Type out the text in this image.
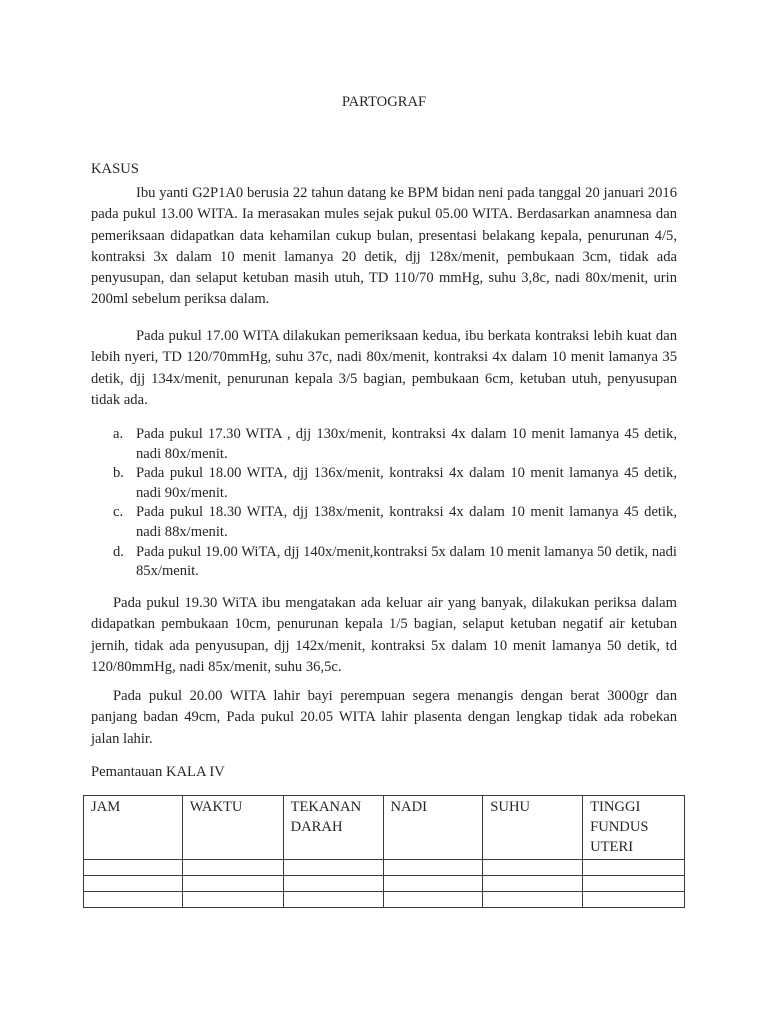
PARTOGRAF
KASUS

Ibu yanti G2P1A0 berusia 22 tahun datang ke BPM bidan neni pada tanggal 20 januari 2016 pada pukul 13.00 WITA. Ia merasakan mules sejak pukul 05.00 WITA. Berdasarkan anamnesa dan pemeriksaan didapatkan data kehamilan cukup bulan, presentasi belakang kepala, penurunan 4/5, kontraksi 3x dalam 10 menit lamanya 20 detik, djj 128x/menit, pembukaan 3cm, tidak ada penyusupan, dan selaput ketuban masih utuh, TD 110/70 mmHg, suhu 3,8c, nadi 80x/menit, urin 200ml sebelum periksa dalam.

Pada pukul 17.00 WITA dilakukan pemeriksaan kedua, ibu berkata kontraksi lebih kuat dan lebih nyeri, TD 120/70mmHg, suhu 37c, nadi 80x/menit, kontraksi 4x dalam 10 menit lamanya 35 detik, djj 134x/menit, penurunan kepala 3/5 bagian, pembukaan 6cm, ketuban utuh, penyusupan tidak ada.

a. Pada pukul 17.30 WITA , djj 130x/menit, kontraksi 4x dalam 10 menit lamanya 45 detik, nadi 80x/menit.
b. Pada pukul 18.00 WITA, djj 136x/menit, kontraksi 4x dalam 10 menit lamanya 45 detik, nadi 90x/menit.
c. Pada pukul 18.30 WITA, djj 138x/menit, kontraksi 4x dalam 10 menit lamanya 45 detik, nadi 88x/menit.
d. Pada pukul 19.00 WiTA, djj 140x/menit,kontraksi 5x dalam 10 menit lamanya 50 detik, nadi 85x/menit.

Pada pukul 19.30 WiTA ibu mengatakan ada keluar air yang banyak, dilakukan periksa dalam didapatkan pembukaan 10cm, penurunan kepala 1/5 bagian, selaput ketuban negatif air ketuban jernih, tidak ada penyusupan, djj 142x/menit, kontraksi 5x dalam 10 menit lamanya 50 detik, td 120/80mmHg, nadi 85x/menit, suhu 36,5c.

Pada pukul 20.00 WITA lahir bayi perempuan segera menangis dengan berat 3000gr dan panjang badan 49cm, Pada pukul 20.05 WITA lahir plasenta dengan lengkap tidak ada robekan jalan lahir.

Pemantauan KALA IV
JAM	WAKTU	TEKANAN DARAH	NADI	SUHU	TINGGI FUNDUS UTERI
